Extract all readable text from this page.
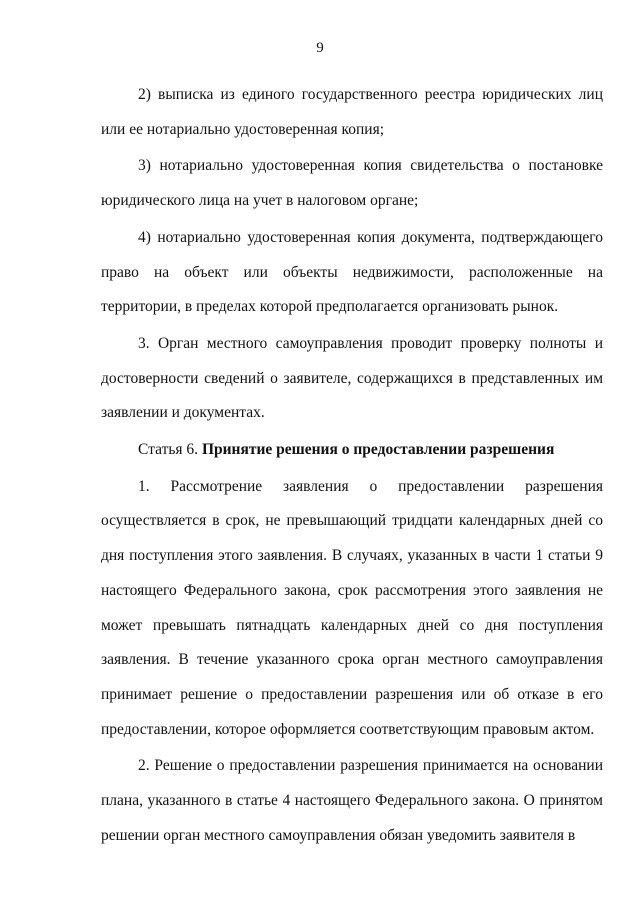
9

2) выписка из единого государственного реестра юридических лиц или ее нотариально удостоверенная копия;

3) нотариально удостоверенная копия свидетельства о постановке юридического лица на учет в налоговом органе;

4) нотариально удостоверенная копия документа, подтверждающего право на объект или объекты недвижимости, расположенные на территории, в пределах которой предполагается организовать рынок.

3. Орган местного самоуправления проводит проверку полноты и достоверности сведений о заявителе, содержащихся в представленных им заявлении и документах.

Статья 6. Принятие решения о предоставлении разрешения

1. Рассмотрение заявления о предоставлении разрешения осуществляется в срок, не превышающий тридцати календарных дней со дня поступления этого заявления. В случаях, указанных в части 1 статьи 9 настоящего Федерального закона, срок рассмотрения этого заявления не может превышать пятнадцать календарных дней со дня поступления заявления. В течение указанного срока орган местного самоуправления принимает решение о предоставлении разрешения или об отказе в его предоставлении, которое оформляется соответствующим правовым актом.

2. Решение о предоставлении разрешения принимается на основании плана, указанного в статье 4 настоящего Федерального закона. О принятом решении орган местного самоуправления обязан уведомить заявителя в
